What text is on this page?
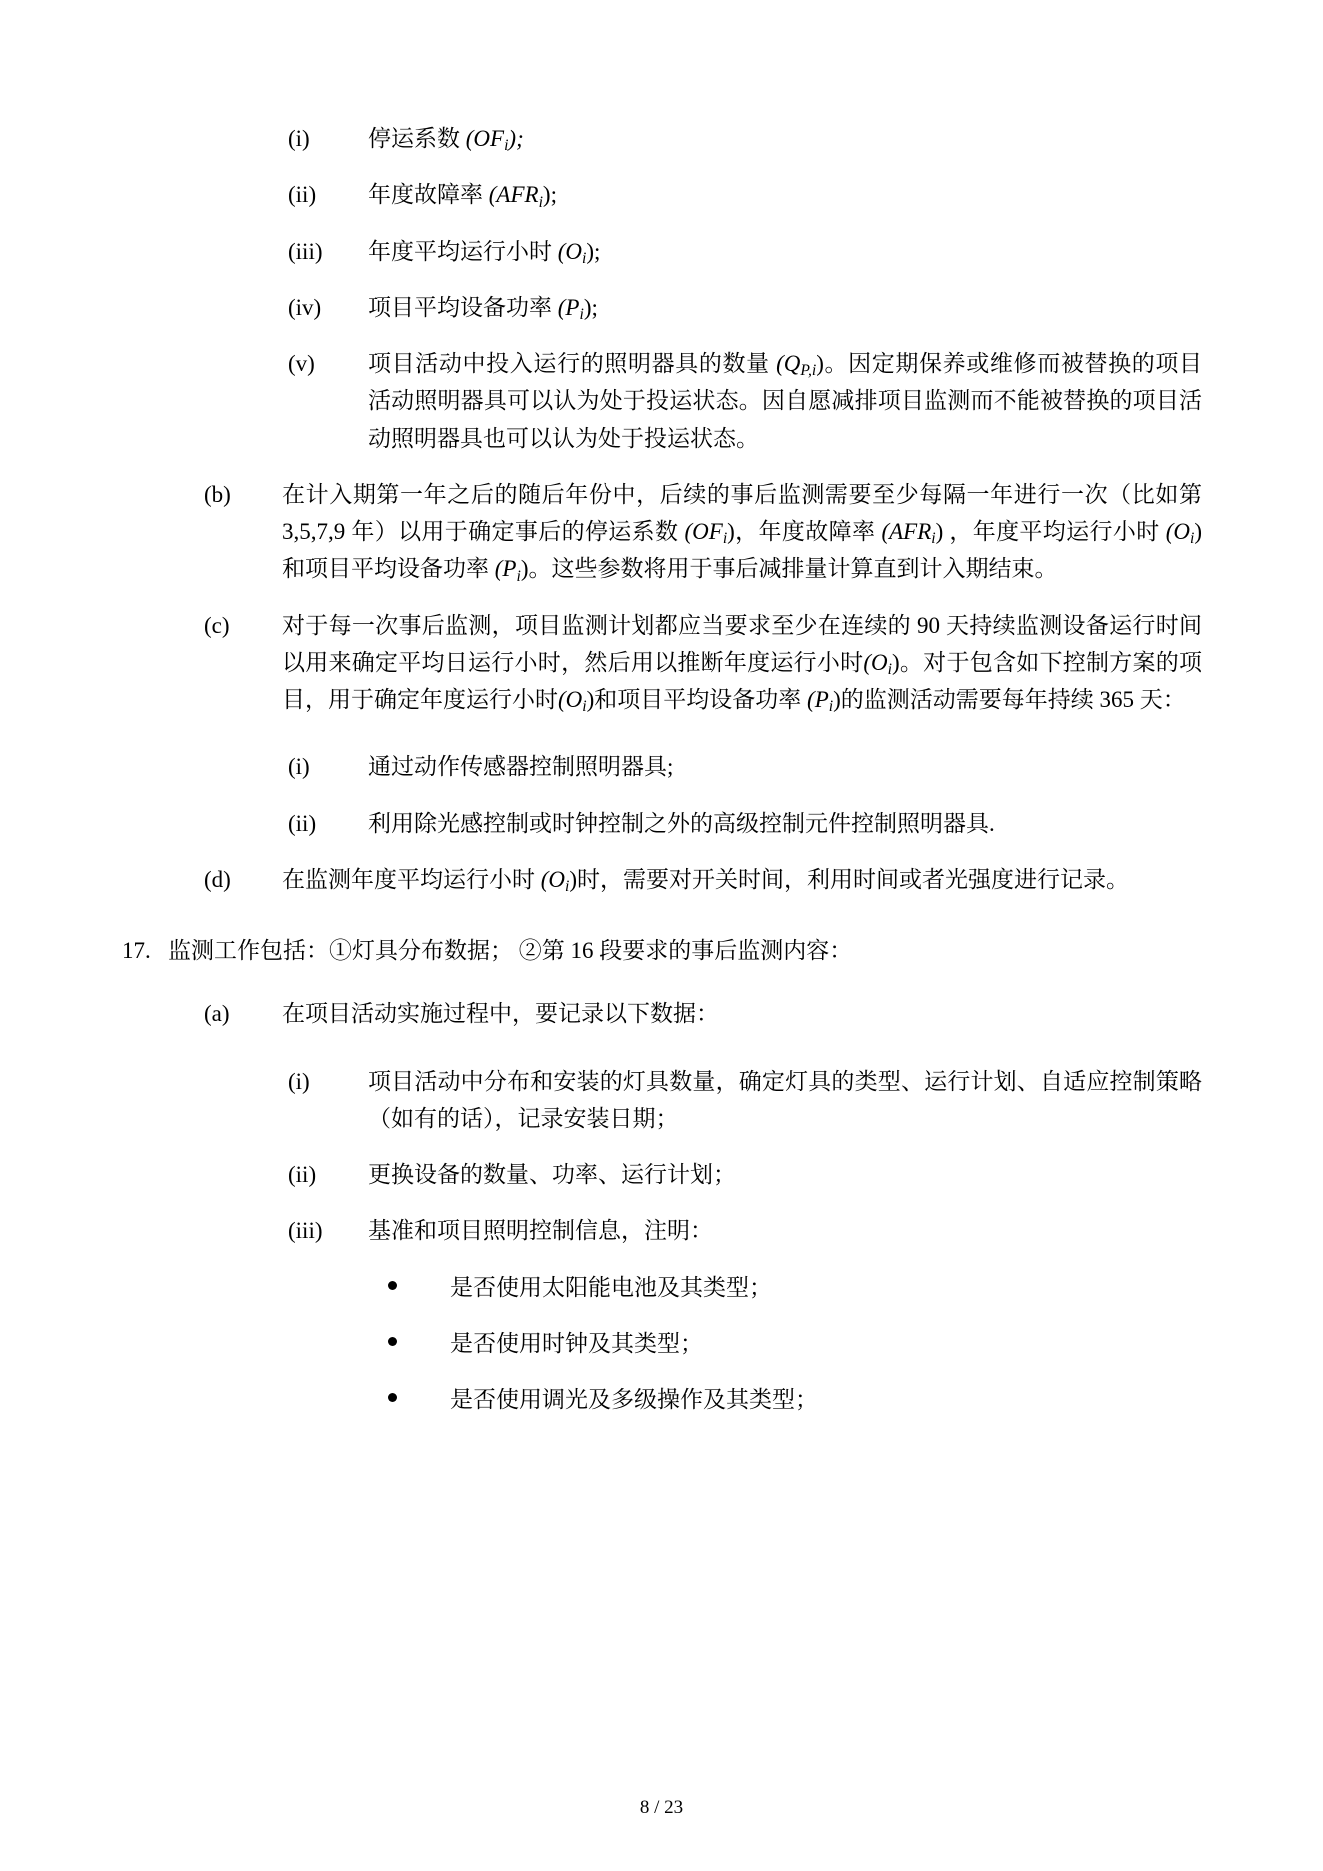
(i)	停运系数 $(OF_i)$;
(ii)	年度故障率 $(AFR_i)$;
(iii)	年度平均运行小时 $(O_i)$;
(iv)	项目平均设备功率 $(P_i)$;
(v)	项目活动中投入运行的照明器具的数量 $(Q_{P,i})$。因定期保养或维修而被替换的项目活动照明器具可以认为处于投运状态。因自愿减排项目监测而不能被替换的项目活动照明器具也可以认为处于投运状态。
(b)	在计入期第一年之后的随后年份中，后续的事后监测需要至少每隔一年进行一次（比如第 3,5,7,9 年）以用于确定事后的停运系数 $(OF_i)$，年度故障率 $(AFR_i)$ ，年度平均运行小时 $(O_i)$ 和项目平均设备功率 $(P_i)$。这些参数将用于事后减排量计算直到计入期结束。
(c)	对于每一次事后监测，项目监测计划都应当要求至少在连续的 90 天持续监测设备运行时间以用来确定平均日运行小时，然后用以推断年度运行小时$(O_i)$。对于包含如下控制方案的项目，用于确定年度运行小时$(O_i)$和项目平均设备功率 $(P_i)$的监测活动需要每年持续 365 天：
(i)	通过动作传感器控制照明器具;
(ii)	利用除光感控制或时钟控制之外的高级控制元件控制照明器具.
(d)	在监测年度平均运行小时 $(O_i)$时，需要对开关时间，利用时间或者光强度进行记录。
17. 监测工作包括：①灯具分布数据； ②第 16 段要求的事后监测内容：
(a)	在项目活动实施过程中，要记录以下数据：
(i)	项目活动中分布和安装的灯具数量，确定灯具的类型、运行计划、自适应控制策略（如有的话），记录安装日期；
(ii)	更换设备的数量、功率、运行计划；
(iii)	基准和项目照明控制信息，注明：
是否使用太阳能电池及其类型；
是否使用时钟及其类型；
是否使用调光及多级操作及其类型；
8 / 23
